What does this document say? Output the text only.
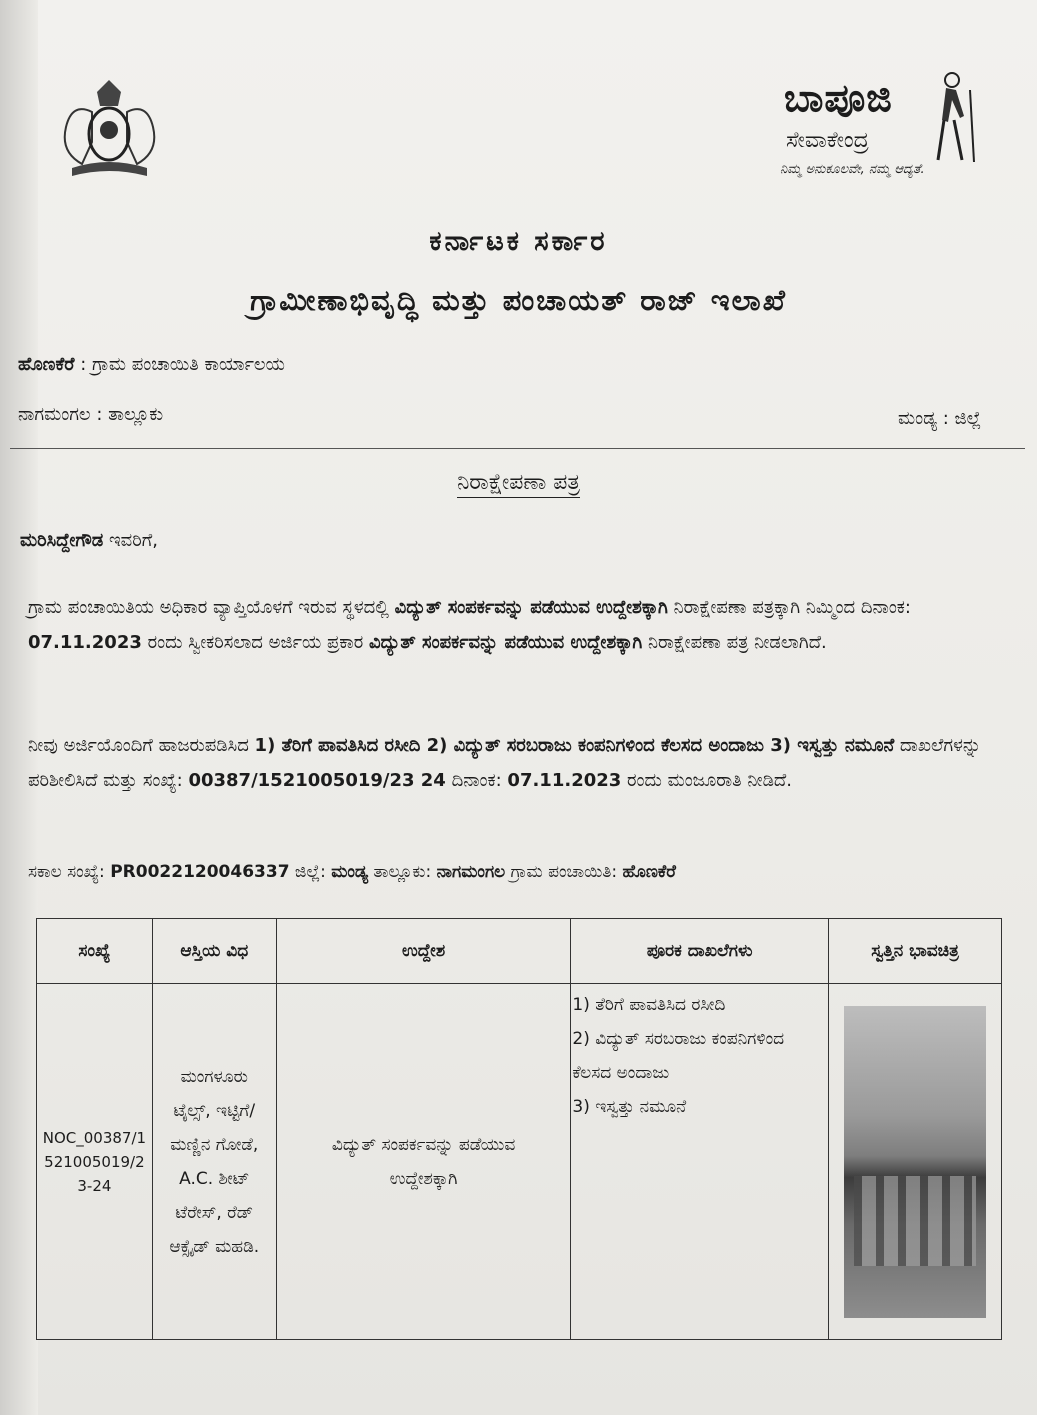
ಬಾಪೂಜಿ
ಸೇವಾಕೇಂದ್ರ
ನಿಮ್ಮ ಅನುಕೂಲವೇ, ನಮ್ಮ ಆದ್ಯತೆ.
ಕರ್ನಾಟಕ ಸರ್ಕಾರ
ಗ್ರಾಮೀಣಾಭಿವೃದ್ಧಿ ಮತ್ತು ಪಂಚಾಯತ್ ರಾಜ್ ಇಲಾಖೆ
ಹೊಣಕೆರೆ : ಗ್ರಾಮ ಪಂಚಾಯಿತಿ ಕಾರ್ಯಾಲಯ
ನಾಗಮಂಗಲ : ತಾಲ್ಲೂಕು	ಮಂಡ್ಯ : ಜಿಲ್ಲೆ
ನಿರಾಕ್ಷೇಪಣಾ ಪತ್ರ
ಮರಿಸಿದ್ದೇಗೌಡ ಇವರಿಗೆ,
ಗ್ರಾಮ ಪಂಚಾಯಿತಿಯ ಅಧಿಕಾರ ವ್ಯಾಪ್ತಿಯೊಳಗೆ ಇರುವ ಸ್ಥಳದಲ್ಲಿ ವಿದ್ಯುತ್ ಸಂಪರ್ಕವನ್ನು ಪಡೆಯುವ ಉದ್ದೇಶಕ್ಕಾಗಿ ನಿರಾಕ್ಷೇಪಣಾ ಪತ್ರಕ್ಕಾಗಿ ನಿಮ್ಮಿಂದ ದಿನಾಂಕ: 07.11.2023 ರಂದು ಸ್ವೀಕರಿಸಲಾದ ಅರ್ಜಿಯ ಪ್ರಕಾರ ವಿದ್ಯುತ್ ಸಂಪರ್ಕವನ್ನು ಪಡೆಯುವ ಉದ್ದೇಶಕ್ಕಾಗಿ ನಿರಾಕ್ಷೇಪಣಾ ಪತ್ರ ನೀಡಲಾಗಿದೆ.
ನೀವು ಅರ್ಜಿಯೊಂದಿಗೆ ಹಾಜರುಪಡಿಸಿದ 1) ತೆರಿಗೆ ಪಾವತಿಸಿದ ರಸೀದಿ 2) ವಿದ್ಯುತ್ ಸರಬರಾಜು ಕಂಪನಿಗಳಿಂದ ಕೆಲಸದ ಅಂದಾಜು 3) ಇಸ್ವತ್ತು ನಮೂನೆ ದಾಖಲೆಗಳನ್ನು ಪರಿಶೀಲಿಸಿದೆ ಮತ್ತು ಸಂಖ್ಯೆ: 00387/1521005019/23 24 ದಿನಾಂಕ: 07.11.2023 ರಂದು ಮಂಜೂರಾತಿ ನೀಡಿದೆ.
ಸಕಾಲ ಸಂಖ್ಯೆ: PR0022120046337 ಜಿಲ್ಲೆ: ಮಂಡ್ಯ ತಾಲ್ಲೂಕು: ನಾಗಮಂಗಲ ಗ್ರಾಮ ಪಂಚಾಯಿತಿ: ಹೊಣಕೆರೆ
ಸಂಖ್ಯೆ	ಆಸ್ತಿಯ ವಿಧ	ಉದ್ದೇಶ	ಪೂರಕ ದಾಖಲೆಗಳು	ಸ್ವತ್ತಿನ ಭಾವಚಿತ್ರ
NOC_00387/1521005019/23-24	ಮಂಗಳೂರು ಟೈಲ್ಸ್, ಇಟ್ಟಿಗೆ/ ಮಣ್ಣಿನ ಗೋಡೆ, A.C. ಶೀಟ್ ಟೆರೇಸ್, ರೆಡ್ ಆಕ್ಸೈಡ್ ಮಹಡಿ.	ವಿದ್ಯುತ್ ಸಂಪರ್ಕವನ್ನು ಪಡೆಯುವ ಉದ್ದೇಶಕ್ಕಾಗಿ	1) ತೆರಿಗೆ ಪಾವತಿಸಿದ ರಸೀದಿ
2) ವಿದ್ಯುತ್ ಸರಬರಾಜು ಕಂಪನಿಗಳಿಂದ ಕೆಲಸದ ಅಂದಾಜು
3) ಇಸ್ವತ್ತು ನಮೂನೆ	
